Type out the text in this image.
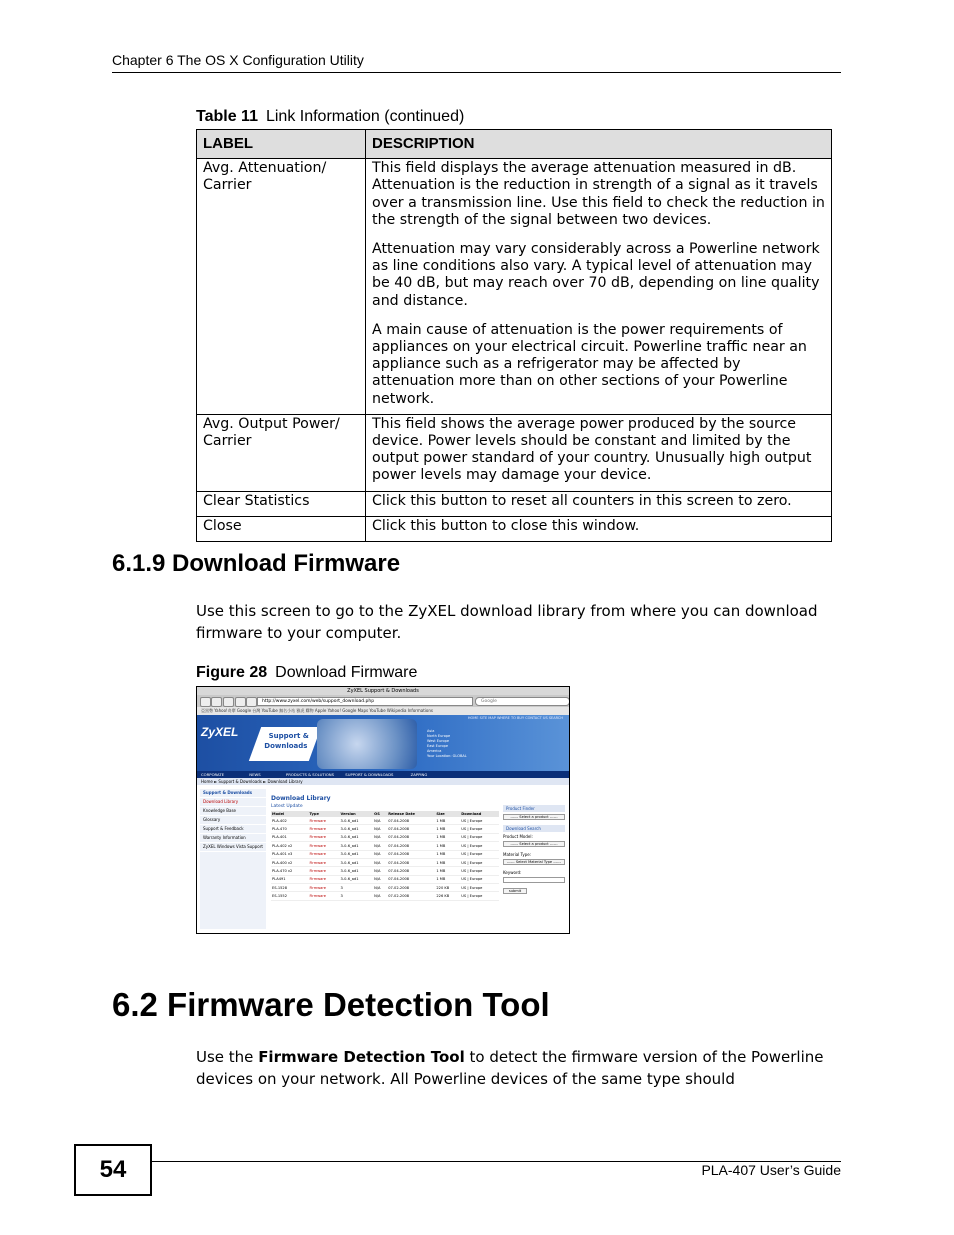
Chapter 6 The OS X Configuration Utility
Table 11 Link Information (continued)
LABEL	DESCRIPTION
Avg. Attenuation/ Carrier	This field displays the average attenuation measured in dB. Attenuation is the reduction in strength of a signal as it travels over a transmission line. Use this field to check the reduction in the strength of the signal between two devices.

Attenuation may vary considerably across a Powerline network as line conditions also vary. A typical level of attenuation may be 40 dB, but may reach over 70 dB, depending on line quality and distance.

A main cause of attenuation is the power requirements of appliances on your electrical circuit. Powerline traffic near an appliance such as a refrigerator may be affected by attenuation more than on other sections of your Powerline network.

Avg. Output Power/ Carrier	This field shows the average power produced by the source device. Power levels should be constant and limited by the output power standard of your country. Unusually high output power levels may damage your device.

Clear Statistics	Click this button to reset all counters in this screen to zero.

Close	Click this button to close this window.

6.1.9 Download Firmware
Use this screen to go to the ZyXEL download library from where you can download firmware to your computer.
Figure 28 Download Firmware
ZyXEL Support & Downloads
http://www.zyxel.com/web/support_download.php	Google
亞黑勢 Yahoo!奇摩 Google 台灣 YouTube 無名小站 雅虎 購物 Apple Yahoo! Google Maps YouTube Wikipedia Informations
HOME SITE MAP WHERE TO BUY CONTACT US SEARCH
ZyXEL	Support &
Downloads
Asia
North Europe
West Europe
East Europe
America
Your Location: GLOBAL
CORPORATE	NEWS	PRODUCTS & SOLUTIONS	SUPPORT & DOWNLOADS	ZAPPING
Home ► Support & Downloads ► Download Library
Support & Downloads
Download Library
Knowledge Base
Glossary
Support & Feedback
Warranty Information
ZyXEL Windows Vista Support
Download Library
Latest Update
Model	Type	Version	OS	Release Date	Size	Download
PLA-402	Firmware	3-0-6_ad1	N/A	07-04-2008	1 MB	US | Europe
PLA-470	Firmware	3-0-6_ad1	N/A	07-04-2008	1 MB	US | Europe
PLA-401	Firmware	3-0-6_ad1	N/A	07-04-2008	1 MB	US | Europe
PLA-402 v2	Firmware	3-0-6_ad1	N/A	07-04-2008	1 MB	US | Europe
PLA-401 v3	Firmware	3-0-6_ad1	N/A	07-04-2008	1 MB	US | Europe
PLA-400 v2	Firmware	3-0-6_ad1	N/A	07-04-2008	1 MB	US | Europe
PLA-470 v2	Firmware	3-0-6_ad1	N/A	07-04-2008	1 MB	US | Europe
PLA491	Firmware	3-0-6_ad1	N/A	07-04-2008	1 MB	US | Europe
ES-1528	Firmware	3	N/A	07-02-2008	220 KB	US | Europe
ES-1552	Firmware	3	N/A	07-02-2008	226 KB	US | Europe
Product Finder
------ Select a product ------
Download Search
Product Model:
------ Select a product ------
Material Type:
------ Select Material Type ------
Keyword:
submit
6.2 Firmware Detection Tool
Use the Firmware Detection Tool to detect the firmware version of the Powerline devices on your network. All Powerline devices of the same type should
54	PLA-407 User’s Guide
